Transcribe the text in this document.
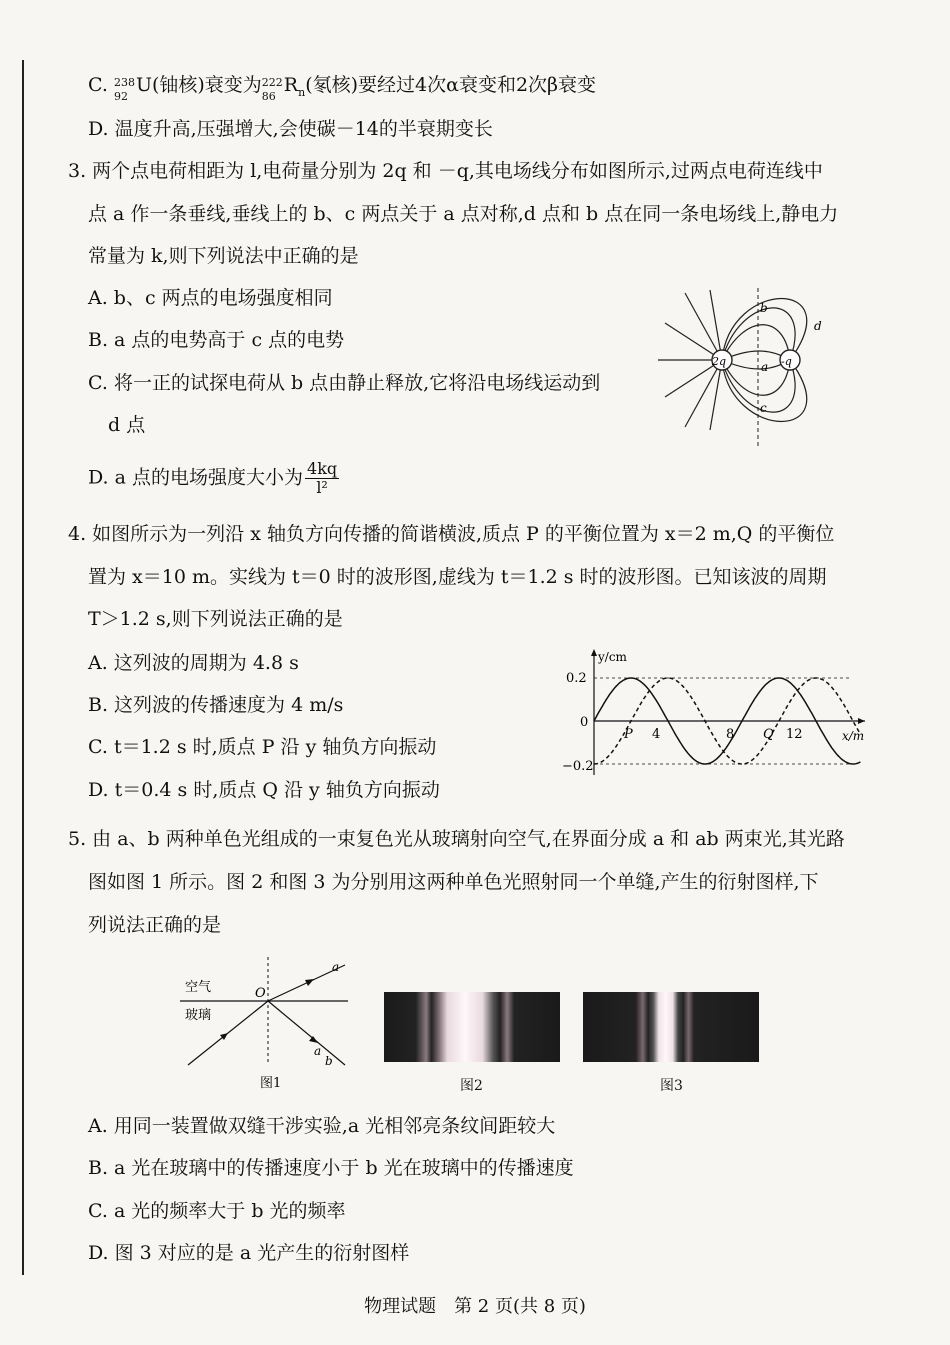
C. 238
92
U(铀核)衰变为 222
86
$R_n$(氡核)要经过4次α衰变和2次β衰变
D. 温度升高,压强增大,会使碳－14的半衰期变长
3. 两个点电荷相距为 l,电荷量分别为 2q 和 －q,其电场线分布如图所示,过两点电荷连线中
点 a 作一条垂线,垂线上的 b、c 两点关于 a 点对称,d 点和 b 点在同一条电场线上,静电力
常量为 k,则下列说法中正确的是
A. b、c 两点的电场强度相同
B. a 点的电势高于 c 点的电势
C. 将一正的试探电荷从 b 点由静止释放,它将沿电场线运动到
d 点
D. a 点的电场强度大小为 $\frac{4kq}{\text{l²}}$
2q	-q
a
b
c
d
4. 如图所示为一列沿 x 轴负方向传播的简谐横波,质点 P 的平衡位置为 x＝2 m,Q 的平衡位
置为 x＝10 m。实线为 t＝0 时的波形图,虚线为 t＝1.2 s 时的波形图。已知该波的周期
T＞1.2 s,则下列说法正确的是
A. 这列波的周期为 4.8 s
B. 这列波的传播速度为 4 m/s
C. t＝1.2 s 时,质点 P 沿 y 轴负方向振动
D. t＝0.4 s 时,质点 Q 沿 y 轴负方向振动
y/cm
x/m
0.2
0
−0.2
P 4	8 Q 12
5. 由 a、b 两种单色光组成的一束复色光从玻璃射向空气,在界面分成 a 和 ab 两束光,其光路
图如图 1 所示。图 2 和图 3 为分别用这两种单色光照射同一个单缝,产生的衍射图样,下
列说法正确的是
空气
玻璃
O
a
a
b
图1	图2	图3
A. 用同一装置做双缝干涉实验,a 光相邻亮条纹间距较大
B. a 光在玻璃中的传播速度小于 b 光在玻璃中的传播速度
C. a 光的频率大于 b 光的频率
D. 图 3 对应的是 a 光产生的衍射图样
物理试题　第 2 页(共 8 页)
